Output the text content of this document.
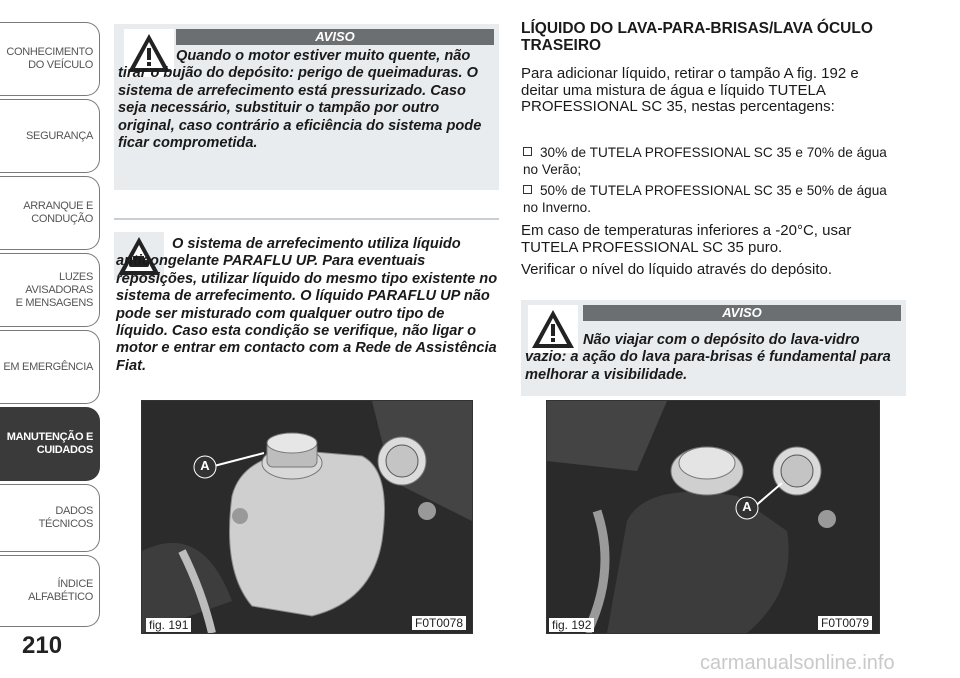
CONHECIMENTO
DO VEÍCULO
SEGURANÇA
ARRANQUE E
CONDUÇÃO
LUZES AVISADORAS
E MENSAGENS
EM EMERGÊNCIA
MANUTENÇÃO E
CUIDADOS
DADOS TÉCNICOS
ÍNDICE ALFABÉTICO
210
AVISO
Quando o motor estiver muito quente, não tirar o bujão do depósito: perigo de queimaduras. O sistema de arrefecimento está pressurizado. Caso seja necessário, substituir o tampão por outro original, caso contrário a eficiência do sistema pode ficar comprometida.
O sistema de arrefecimento utiliza líquido anticongelante PARAFLU UP. Para eventuais reposições, utilizar líquido do mesmo tipo existente no sistema de arrefecimento. O líquido PARAFLU UP não pode ser misturado com qualquer outro tipo de líquido. Caso esta condição se verifique, não ligar o motor e entrar em contacto com a Rede de Assistência Fiat.
A
fig. 191	F0T0078
LÍQUIDO DO LAVA-PARA-BRISAS/LAVA ÓCULO TRASEIRO
Para adicionar líquido, retirar o tampão A fig. 192 e deitar uma mistura de água e líquido TUTELA PROFESSIONAL SC 35, nestas percentagens:
30% de TUTELA PROFESSIONAL SC 35 e 70% de água no Verão;
50% de TUTELA PROFESSIONAL SC 35 e 50% de água no Inverno.
Em caso de temperaturas inferiores a -20°C, usar TUTELA PROFESSIONAL SC 35 puro.
Verificar o nível do líquido através do depósito.
AVISO
Não viajar com o depósito do lava-vidro vazio: a ação do lava para-brisas é fundamental para melhorar a visibilidade.
A
fig. 192	F0T0079
carmanualsonline.info
